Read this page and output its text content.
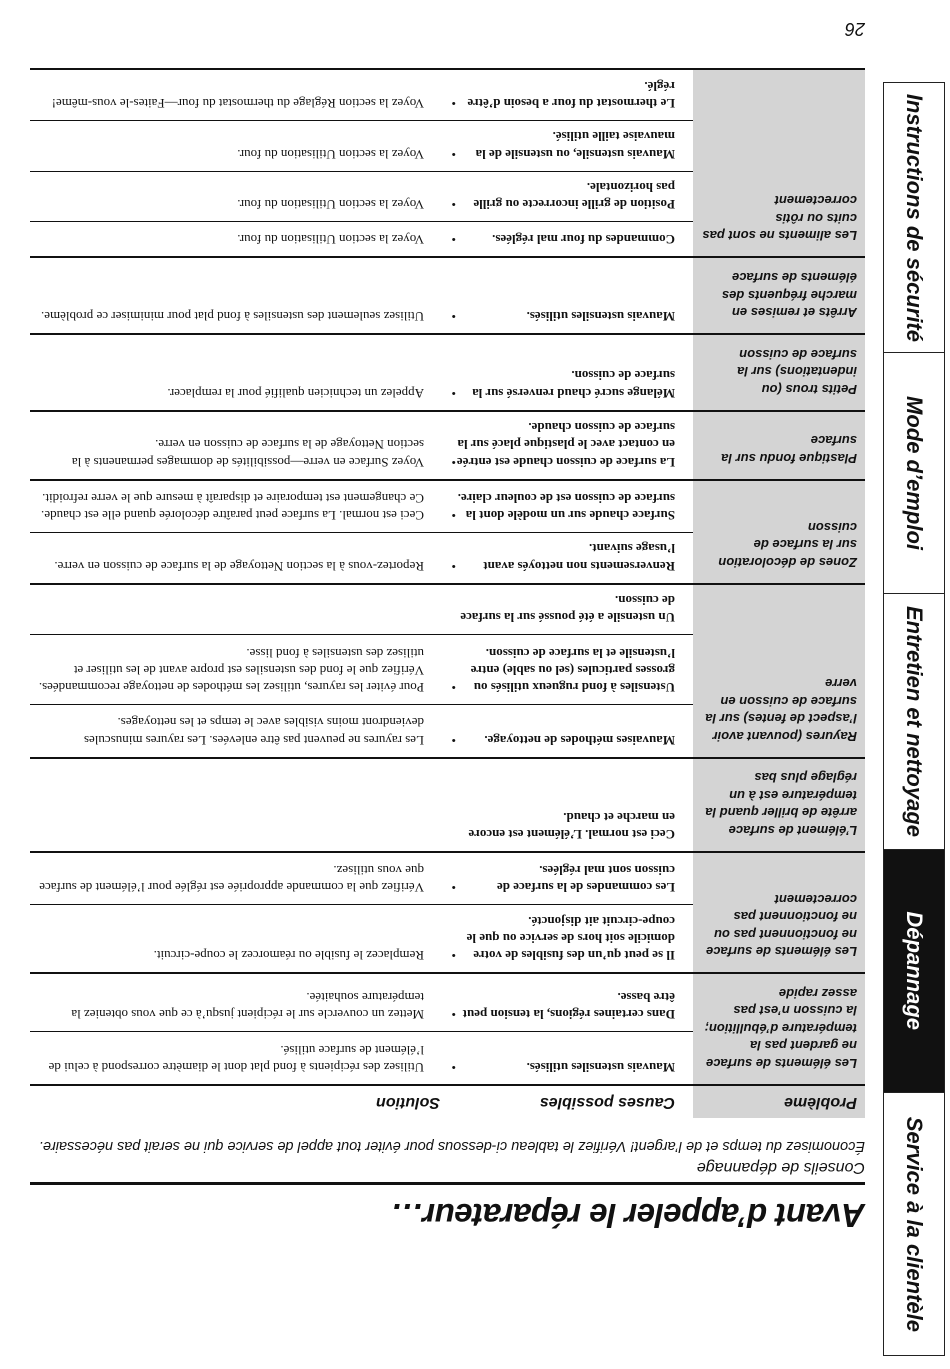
Service à la clientèle
Dépannage
Entretien et nettoyage
Mode d’emploi
Instructions de sécurité
Avant d’appeler le réparateur…
Conseils de dépannage
Économisez du temps et de l’argent! Vérifiez le tableau ci-dessous pour éviter tout appel de service qui ne serait pas nécessaire.
Problème
Causes possibles
Solution
Les éléments de surface ne gardent pas la température d’ébullition; la cuisson n’est pas assez rapide
Mauvais ustensiles utilisés.

•Utilisez des récipients à fond plat dont le diamètre correspond à celui de l’élément de surface utilisé.

Dans certaines régions, la tension peut être basse.

•Mettez un couvercle sur le récipient jusqu’à ce que vous obteniez la température souhaitée.

Les éléments de surface ne fonctionnent pas ou ne fonctionnent pas correctement
Il se peut qu’un des fusibles de votre domicile soit hors de service ou que le coupe-circuit ait disjoncté.

•Remplacez le fusible ou réamorcez le coupe-circuit.

Les commandes de la surface de cuisson sont mal réglées.

•Vérifiez que la commande appropriée est réglée pour l’élément de surface que vous utilisez.

L’élément de surface arrête de briller quand la température est à un réglage plus bas
Ceci est normal. L’élément est encore en marche et chaud.
Rayures (pouvant avoir l’aspect de fentes) sur la surface de cuisson en verre
Mauvaises méthodes de nettoyage.

•Les rayures ne peuvent pas être enlevées. Les rayures minuscules deviendront moins visibles avec le temps et les nettoyages.

Ustensiles à fond rugueux utilisés ou grosses particules (sel ou sable) entre l’ustensile et la surface de cuisson.

•Pour éviter les rayures, utilisez les méthodes de nettoyage recommandées. Vérifiez que le fond des ustensiles est propre avant de les utiliser et utilisez des ustensiles à fond lisse.

Un ustensile a été poussé sur la surface de cuisson.
Zones de décoloration sur la surface de cuisson
Renversements non nettoyés avant l’usage suivant.

•Reportez-vous à la section Nettoyage de la surface de cuisson en verre.

Surface chaude sur un modèle dont la surface de cuisson est de couleur claire.

•Ceci est normal. La surface peut paraître décolorée quand elle est chaude. Ce changement est temporaire et disparaît à mesure que le verre refroidit.

Plastique fondu sur la surface
La surface de cuisson chaude est entrée en contact avec le plastique placé sur la surface de cuisson chaude.

•Voyez Surface en verre—possibilités de dommages permanents à la section Nettoyage de la surface de cuisson en verre.

Petits trous (ou indentations) sur la surface de cuisson
Mélange sucré chaud renversé sur la surface de cuisson.

•Appelez un technicien qualifié pour la remplacer.

Arrêts et remises en marche fréquents des éléments de surface
Mauvais ustensiles utilisés.

•Utilisez seulement des ustensiles à fond plat pour minimiser ce problème.

Les aliments ne sont pas cuits ou rôtis correctement
Commandes du four mal réglées.

•Voyez la section Utilisation du four.

Position de grille incorrecte ou grille pas horizontale.

•Voyez la section Utilisation du four.

Mauvais ustensile, ou ustensile de la mauvaise taille utilisé.

•Voyez la section Utilisation du four.

Le thermostat du four a besoin d’être réglé.

•Voyez la section Réglage du thermostat du four—Faites-le vous-même!

26
